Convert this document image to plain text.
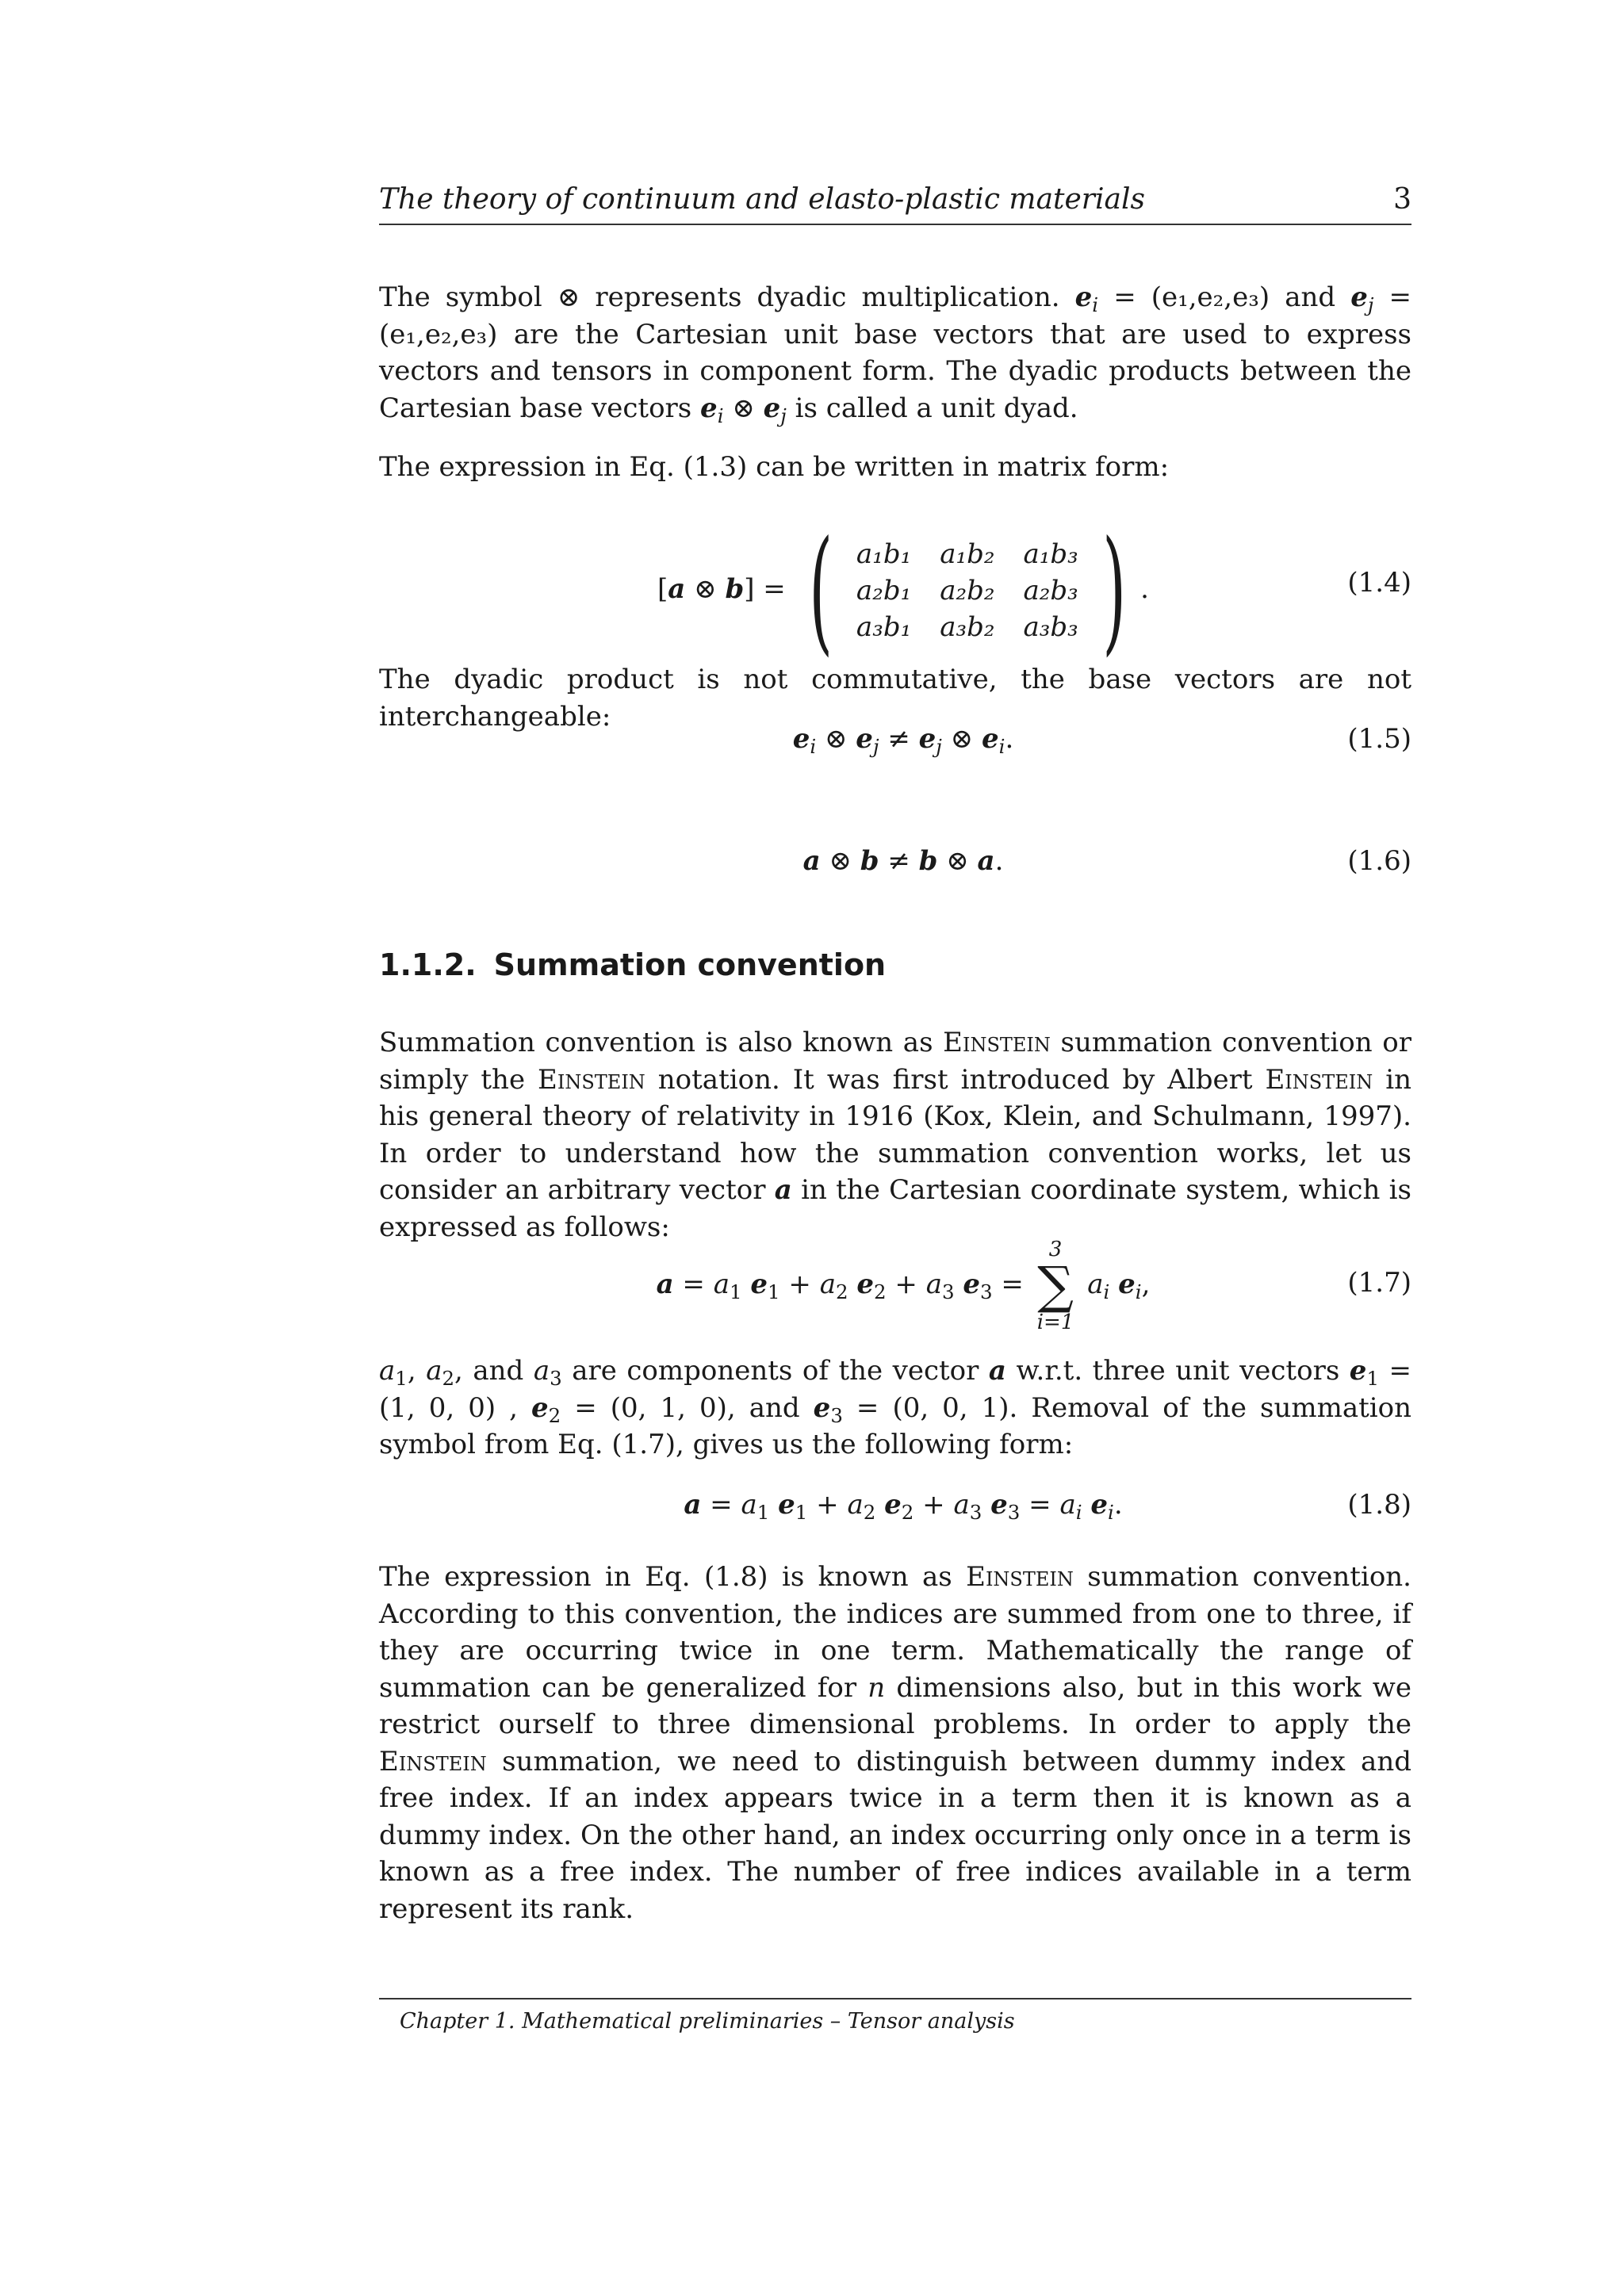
The theory of continuum and elasto-plastic materials	3

The symbol ⊗ represents dyadic multiplication. $e_i = (e_1,e_2,e_3)$ and $e_j = (e_1,e_2,e_3)$ are the Cartesian unit base vectors that are used to express vectors and tensors in component form. The dyadic products between the Cartesian base vectors $e_i$ ⊗ $e_j$ is called a unit dyad.

The expression in Eq. (1.3) can be written in matrix form:

[a ⊗ b] = ( a₁b₁ a₁b₂ a₁b₃
a₂b₁ a₂b₂ a₂b₃
a₃b₁ a₃b₂ a₃b₃ ) .	(1.4)

The dyadic product is not commutative, the base vectors are not interchangeable:

$e_i$ ⊗ $e_j \ne e_j$ ⊗ $e_i$.	(1.5)
a ⊗ b ≠ b ⊗ a.	(1.6)
1.1.2. Summation convention

Summation convention is also known as Einstein summation convention or simply the Einstein notation. It was first introduced by Albert Einstein in his general theory of relativity in 1916 (Kox, Klein, and Schulmann, 1997). In order to understand how the summation convention works, let us consider an arbitrary vector a in the Cartesian coordinate system, which is expressed as follows:

$a = a_1$ $e_1 + a_2$ $e_2 + a_3$ $e_3$ =
3
∑
i=1
$a_i$ $e_i$,	(1.7)

$a_1$, $a_2$, and $a_3$ are components of the vector a w.r.t. three unit vectors $e_1 = (1$, 0, 0) , $e_2 = (0$, 1, 0), and $e_3 = (0$, 0, 1). Removal of the summation symbol from Eq. (1.7), gives us the following form:

$a = a_1$ $e_1 + a_2$ $e_2 + a_3$ $e_3 = a_i$ $e_i$.	(1.8)

The expression in Eq. (1.8) is known as Einstein summation convention. According to this convention, the indices are summed from one to three, if they are occurring twice in one term. Mathematically the range of summation can be generalized for n dimensions also, but in this work we restrict ourself to three dimensional problems. In order to apply the Einstein summation, we need to distinguish between dummy index and free index. If an index appears twice in a term then it is known as a dummy index. On the other hand, an index occurring only once in a term is known as a free index. The number of free indices available in a term represent its rank.

Chapter 1. Mathematical preliminaries – Tensor analysis
